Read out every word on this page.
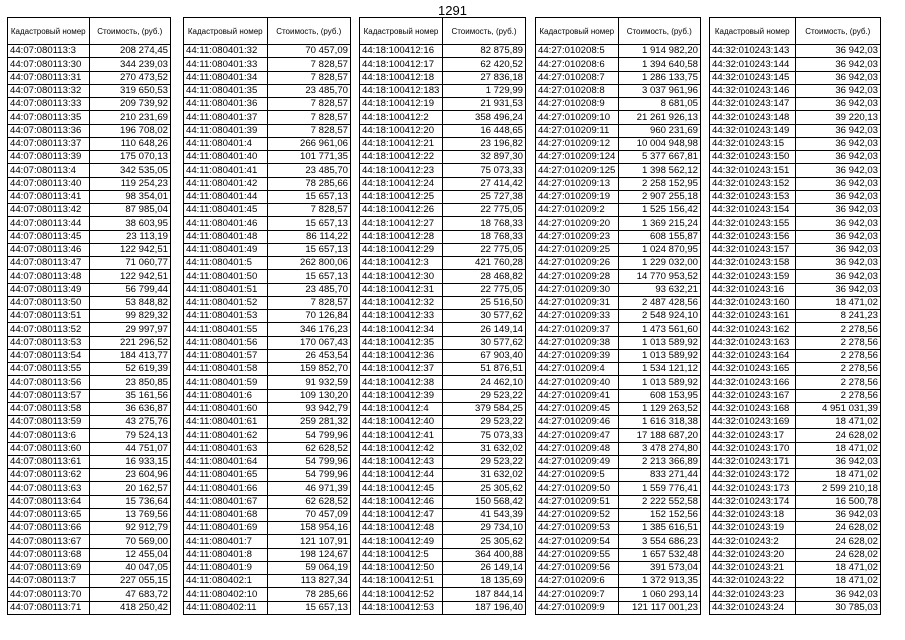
1291
Кадастровый номер	Стоимость, (руб.)
44:07:080113:3	208 274,45
44:07:080113:30	344 239,03
44:07:080113:31	270 473,52
44:07:080113:32	319 650,53
44:07:080113:33	209 739,92
44:07:080113:35	210 231,69
44:07:080113:36	196 708,02
44:07:080113:37	110 648,26
44:07:080113:39	175 070,13
44:07:080113:4	342 535,05
44:07:080113:40	119 254,23
44:07:080113:41	98 354,01
44:07:080113:42	87 985,04
44:07:080113:44	38 603,95
44:07:080113:45	23 113,19
44:07:080113:46	122 942,51
44:07:080113:47	71 060,77
44:07:080113:48	122 942,51
44:07:080113:49	56 799,44
44:07:080113:50	53 848,82
44:07:080113:51	99 829,32
44:07:080113:52	29 997,97
44:07:080113:53	221 296,52
44:07:080113:54	184 413,77
44:07:080113:55	52 619,39
44:07:080113:56	23 850,85
44:07:080113:57	35 161,56
44:07:080113:58	36 636,87
44:07:080113:59	43 275,76
44:07:080113:6	79 524,13
44:07:080113:60	44 751,07
44:07:080113:61	16 933,15
44:07:080113:62	23 604,96
44:07:080113:63	20 162,57
44:07:080113:64	15 736,64
44:07:080113:65	13 769,56
44:07:080113:66	92 912,79
44:07:080113:67	70 569,00
44:07:080113:68	12 455,04
44:07:080113:69	40 047,05
44:07:080113:7	227 055,15
44:07:080113:70	47 683,72
44:07:080113:71	418 250,42
Кадастровый номер	Стоимость, (руб.)
44:11:080401:32	70 457,09
44:11:080401:33	7 828,57
44:11:080401:34	7 828,57
44:11:080401:35	23 485,70
44:11:080401:36	7 828,57
44:11:080401:37	7 828,57
44:11:080401:39	7 828,57
44:11:080401:4	266 961,06
44:11:080401:40	101 771,35
44:11:080401:41	23 485,70
44:11:080401:42	78 285,66
44:11:080401:44	15 657,13
44:11:080401:45	7 828,57
44:11:080401:46	15 657,13
44:11:080401:48	86 114,22
44:11:080401:49	15 657,13
44:11:080401:5	262 800,06
44:11:080401:50	15 657,13
44:11:080401:51	23 485,70
44:11:080401:52	7 828,57
44:11:080401:53	70 126,84
44:11:080401:55	346 176,23
44:11:080401:56	170 067,43
44:11:080401:57	26 453,54
44:11:080401:58	159 852,70
44:11:080401:59	91 932,59
44:11:080401:6	109 130,20
44:11:080401:60	93 942,79
44:11:080401:61	259 281,32
44:11:080401:62	54 799,96
44:11:080401:63	62 628,52
44:11:080401:64	54 799,96
44:11:080401:65	54 799,96
44:11:080401:66	46 971,39
44:11:080401:67	62 628,52
44:11:080401:68	70 457,09
44:11:080401:69	158 954,16
44:11:080401:7	121 107,91
44:11:080401:8	198 124,67
44:11:080401:9	59 064,19
44:11:080402:1	113 827,34
44:11:080402:10	78 285,66
44:11:080402:11	15 657,13
Кадастровый номер	Стоимость, (руб.)
44:18:100412:16	82 875,89
44:18:100412:17	62 420,52
44:18:100412:18	27 836,18
44:18:100412:183	1 729,99
44:18:100412:19	21 931,53
44:18:100412:2	358 496,24
44:18:100412:20	16 448,65
44:18:100412:21	23 196,82
44:18:100412:22	32 897,30
44:18:100412:23	75 073,33
44:18:100412:24	27 414,42
44:18:100412:25	25 727,38
44:18:100412:26	22 775,05
44:18:100412:27	18 768,33
44:18:100412:28	18 768,33
44:18:100412:29	22 775,05
44:18:100412:3	421 760,28
44:18:100412:30	28 468,82
44:18:100412:31	22 775,05
44:18:100412:32	25 516,50
44:18:100412:33	30 577,62
44:18:100412:34	26 149,14
44:18:100412:35	30 577,62
44:18:100412:36	67 903,40
44:18:100412:37	51 876,51
44:18:100412:38	24 462,10
44:18:100412:39	29 523,22
44:18:100412:4	379 584,25
44:18:100412:40	29 523,22
44:18:100412:41	75 073,33
44:18:100412:42	31 632,02
44:18:100412:43	29 523,22
44:18:100412:44	31 632,02
44:18:100412:45	25 305,62
44:18:100412:46	150 568,42
44:18:100412:47	41 543,39
44:18:100412:48	29 734,10
44:18:100412:49	25 305,62
44:18:100412:5	364 400,88
44:18:100412:50	26 149,14
44:18:100412:51	18 135,69
44:18:100412:52	187 844,14
44:18:100412:53	187 196,40
Кадастровый номер	Стоимость, (руб.)
44:27:010208:5	1 914 982,20
44:27:010208:6	1 394 640,58
44:27:010208:7	1 286 133,75
44:27:010208:8	3 037 961,96
44:27:010208:9	8 681,05
44:27:010209:10	21 261 926,13
44:27:010209:11	960 231,69
44:27:010209:12	10 004 948,98
44:27:010209:124	5 377 667,81
44:27:010209:125	1 398 562,12
44:27:010209:13	2 258 152,95
44:27:010209:19	2 907 255,18
44:27:010209:2	1 525 156,42
44:27:010209:20	1 369 215,24
44:27:010209:23	608 155,87
44:27:010209:25	1 024 870,95
44:27:010209:26	1 229 032,00
44:27:010209:28	14 770 953,52
44:27:010209:30	93 632,21
44:27:010209:31	2 487 428,56
44:27:010209:33	2 548 924,10
44:27:010209:37	1 473 561,60
44:27:010209:38	1 013 589,92
44:27:010209:39	1 013 589,92
44:27:010209:4	1 534 121,12
44:27:010209:40	1 013 589,92
44:27:010209:41	608 153,95
44:27:010209:45	1 129 263,52
44:27:010209:46	1 616 318,38
44:27:010209:47	17 188 687,20
44:27:010209:48	3 478 274,80
44:27:010209:49	2 213 366,89
44:27:010209:5	833 271,44
44:27:010209:50	1 559 776,41
44:27:010209:51	2 222 552,58
44:27:010209:52	152 152,56
44:27:010209:53	1 385 616,51
44:27:010209:54	3 554 686,23
44:27:010209:55	1 657 532,48
44:27:010209:56	391 573,04
44:27:010209:6	1 372 913,35
44:27:010209:7	1 060 293,14
44:27:010209:9	121 117 001,23
Кадастровый номер	Стоимость, (руб.)
44:32:010243:143	36 942,03
44:32:010243:144	36 942,03
44:32:010243:145	36 942,03
44:32:010243:146	36 942,03
44:32:010243:147	36 942,03
44:32:010243:148	39 220,13
44:32:010243:149	36 942,03
44:32:010243:15	36 942,03
44:32:010243:150	36 942,03
44:32:010243:151	36 942,03
44:32:010243:152	36 942,03
44:32:010243:153	36 942,03
44:32:010243:154	36 942,03
44:32:010243:155	36 942,03
44:32:010243:156	36 942,03
44:32:010243:157	36 942,03
44:32:010243:158	36 942,03
44:32:010243:159	36 942,03
44:32:010243:16	36 942,03
44:32:010243:160	18 471,02
44:32:010243:161	8 241,23
44:32:010243:162	2 278,56
44:32:010243:163	2 278,56
44:32:010243:164	2 278,56
44:32:010243:165	2 278,56
44:32:010243:166	2 278,56
44:32:010243:167	2 278,56
44:32:010243:168	4 951 031,39
44:32:010243:169	18 471,02
44:32:010243:17	24 628,02
44:32:010243:170	18 471,02
44:32:010243:171	36 942,03
44:32:010243:172	18 471,02
44:32:010243:173	2 599 210,18
44:32:010243:174	16 500,78
44:32:010243:18	36 942,03
44:32:010243:19	24 628,02
44:32:010243:2	24 628,02
44:32:010243:20	24 628,02
44:32:010243:21	18 471,02
44:32:010243:22	18 471,02
44:32:010243:23	36 942,03
44:32:010243:24	30 785,03
